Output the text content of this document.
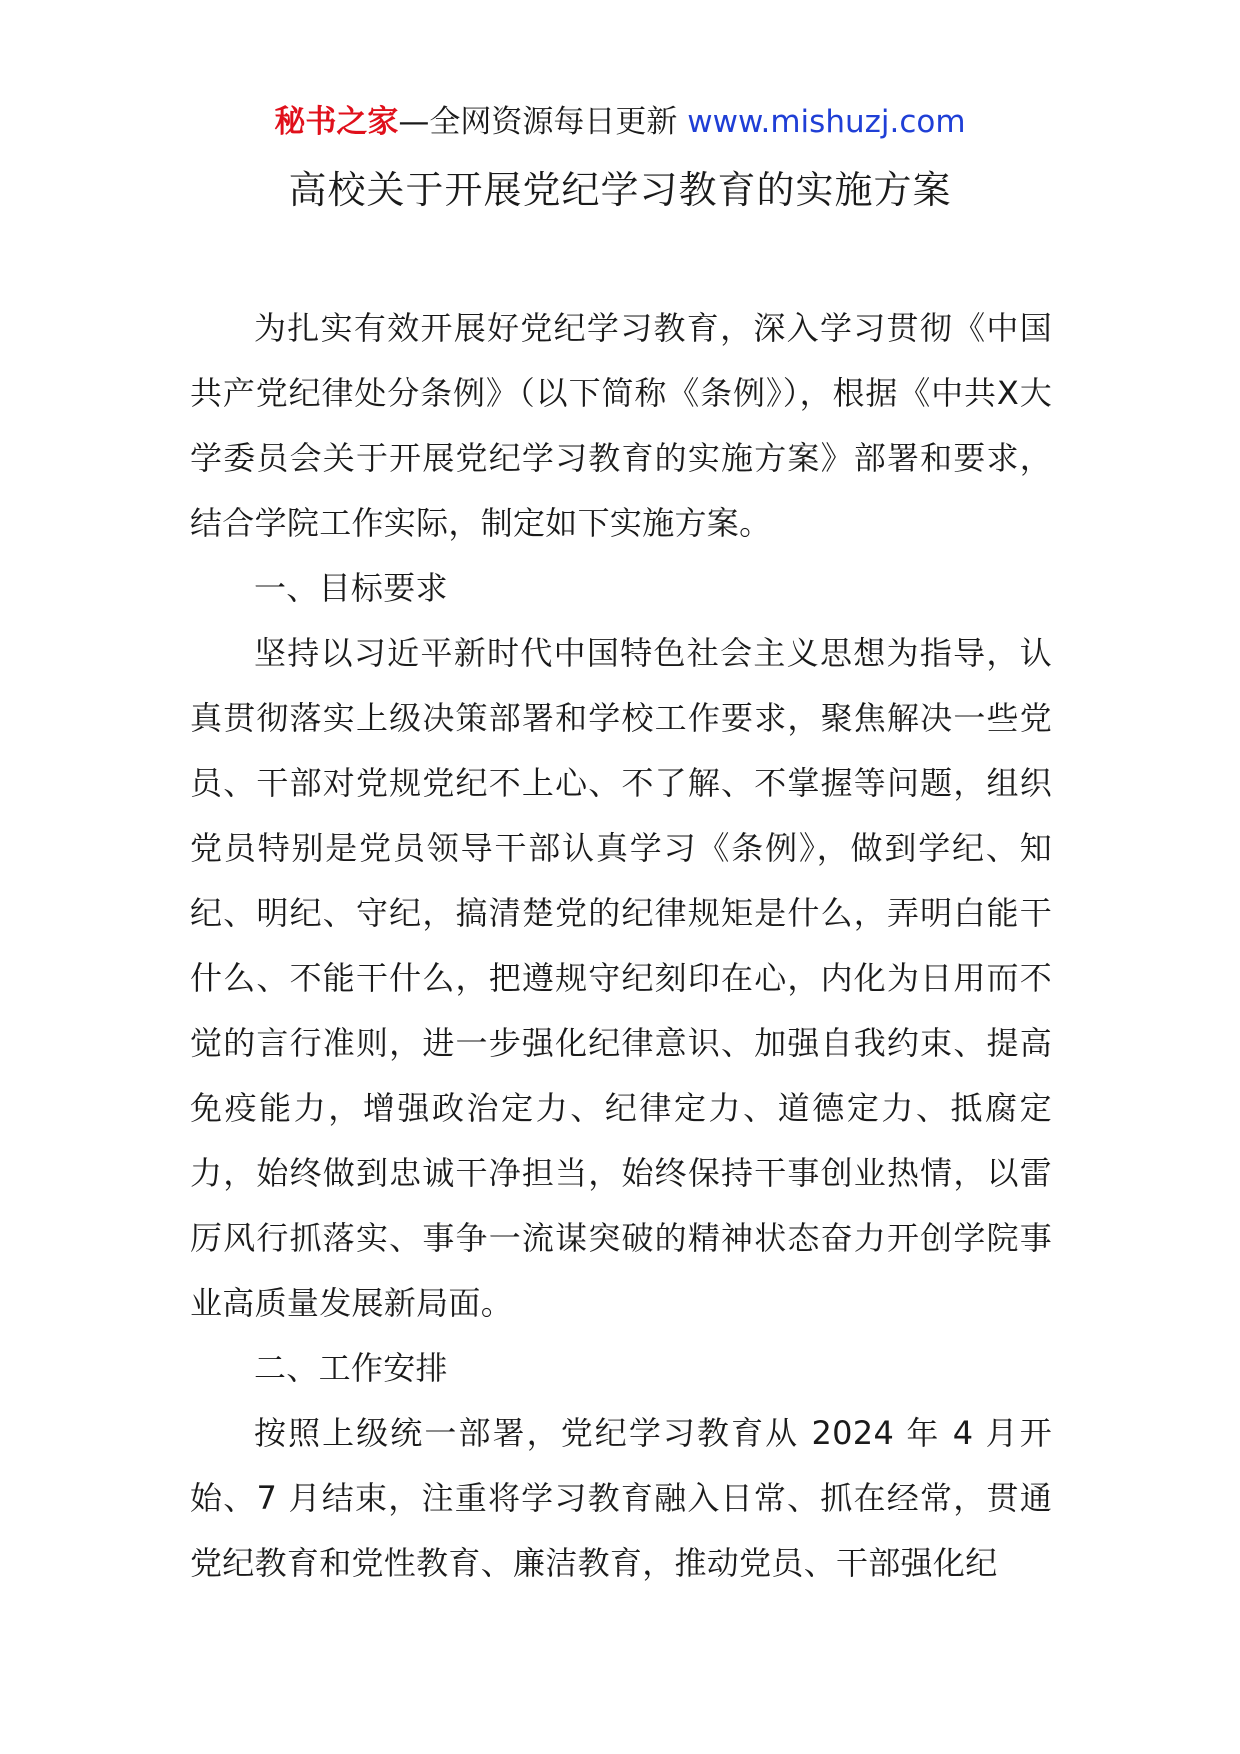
秘书之家—全网资源每日更新 www.mishuzj.com
高校关于开展党纪学习教育的实施方案

为扎实有效开展好党纪学习教育，深入学习贯彻《中国共产党纪律处分条例》（以下简称《条例》），根据《中共X大学委员会关于开展党纪学习教育的实施方案》部署和要求，结合学院工作实际，制定如下实施方案。

一、目标要求

坚持以习近平新时代中国特色社会主义思想为指导，认真贯彻落实上级决策部署和学校工作要求，聚焦解决一些党员、干部对党规党纪不上心、不了解、不掌握等问题，组织党员特别是党员领导干部认真学习《条例》，做到学纪、知纪、明纪、守纪，搞清楚党的纪律规矩是什么，弄明白能干什么、不能干什么，把遵规守纪刻印在心，内化为日用而不觉的言行准则，进一步强化纪律意识、加强自我约束、提高免疫能力，增强政治定力、纪律定力、道德定力、抵腐定力，始终做到忠诚干净担当，始终保持干事创业热情，以雷厉风行抓落实、事争一流谋突破的精神状态奋力开创学院事业高质量发展新局面。

二、工作安排

按照上级统一部署，党纪学习教育从 2024 年 4 月开始、7 月结束，注重将学习教育融入日常、抓在经常，贯通党纪教育和党性教育、廉洁教育，推动党员、干部强化纪
